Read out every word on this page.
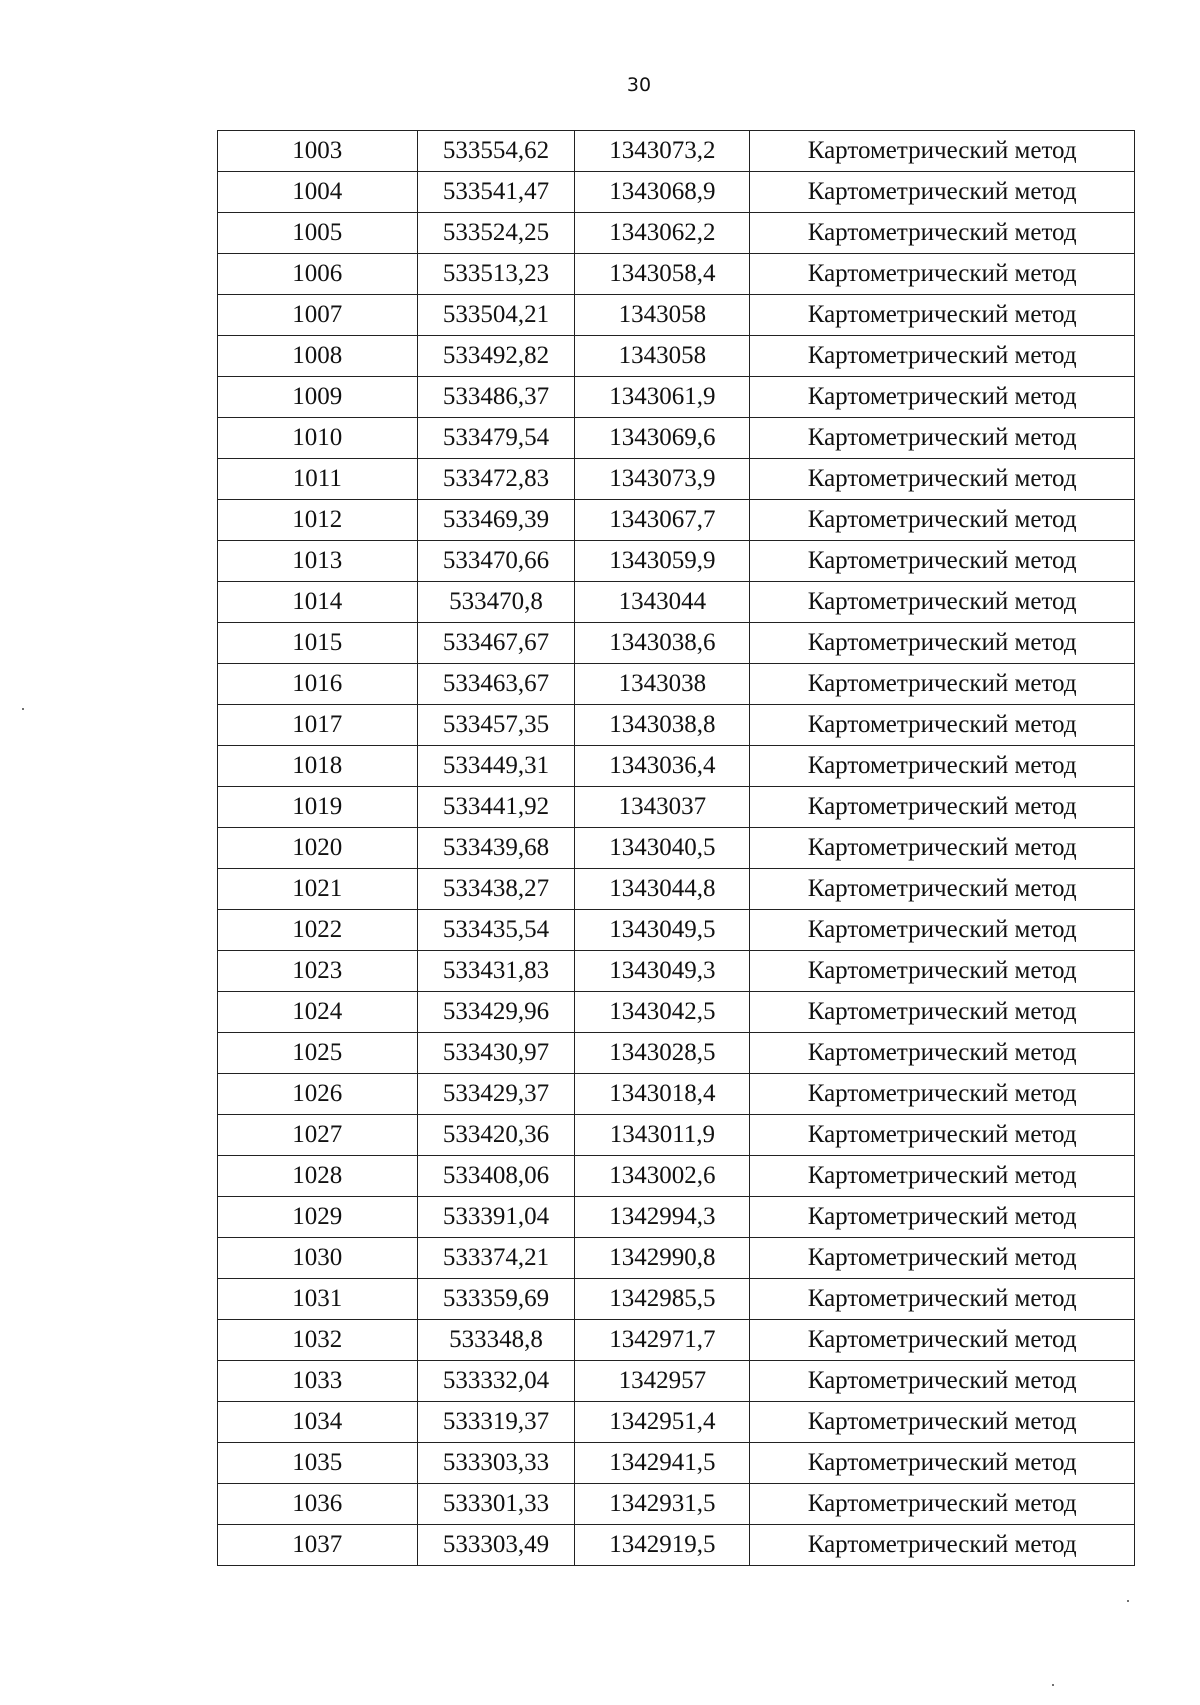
30
1003	533554,62	1343073,2	Картометрический метод
1004	533541,47	1343068,9	Картометрический метод
1005	533524,25	1343062,2	Картометрический метод
1006	533513,23	1343058,4	Картометрический метод
1007	533504,21	1343058	Картометрический метод
1008	533492,82	1343058	Картометрический метод
1009	533486,37	1343061,9	Картометрический метод
1010	533479,54	1343069,6	Картометрический метод
1011	533472,83	1343073,9	Картометрический метод
1012	533469,39	1343067,7	Картометрический метод
1013	533470,66	1343059,9	Картометрический метод
1014	533470,8	1343044	Картометрический метод
1015	533467,67	1343038,6	Картометрический метод
1016	533463,67	1343038	Картометрический метод
1017	533457,35	1343038,8	Картометрический метод
1018	533449,31	1343036,4	Картометрический метод
1019	533441,92	1343037	Картометрический метод
1020	533439,68	1343040,5	Картометрический метод
1021	533438,27	1343044,8	Картометрический метод
1022	533435,54	1343049,5	Картометрический метод
1023	533431,83	1343049,3	Картометрический метод
1024	533429,96	1343042,5	Картометрический метод
1025	533430,97	1343028,5	Картометрический метод
1026	533429,37	1343018,4	Картометрический метод
1027	533420,36	1343011,9	Картометрический метод
1028	533408,06	1343002,6	Картометрический метод
1029	533391,04	1342994,3	Картометрический метод
1030	533374,21	1342990,8	Картометрический метод
1031	533359,69	1342985,5	Картометрический метод
1032	533348,8	1342971,7	Картометрический метод
1033	533332,04	1342957	Картометрический метод
1034	533319,37	1342951,4	Картометрический метод
1035	533303,33	1342941,5	Картометрический метод
1036	533301,33	1342931,5	Картометрический метод
1037	533303,49	1342919,5	Картометрический метод
